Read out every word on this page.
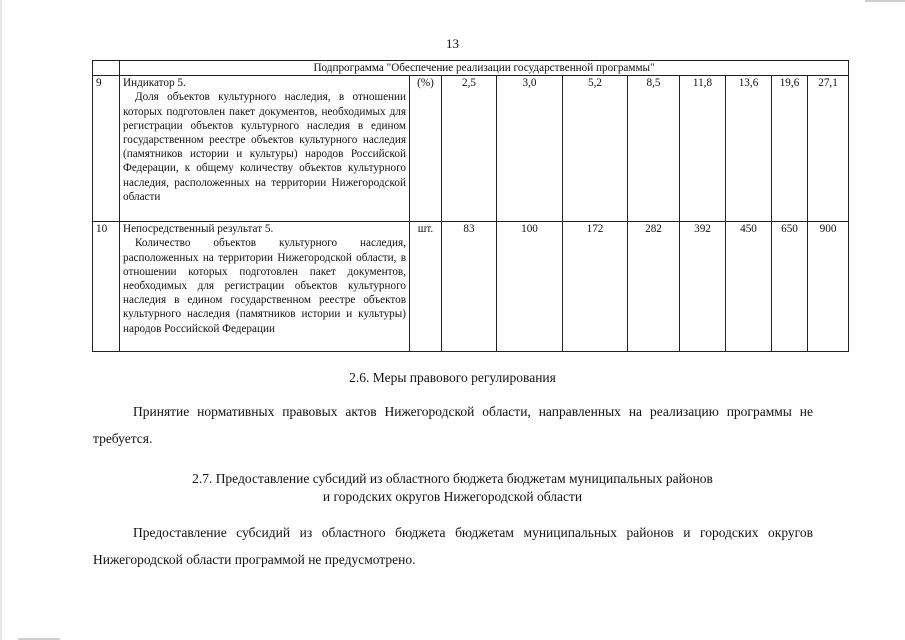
13
	Подпрограмма "Обеспечение реализации государственной программы"									
9	Индикатор 5.
Доля объектов культурного наследия, в отношении которых подготовлен пакет документов, необходимых для регистрации объектов культурного наследия в едином государственном реестре объектов культурного наследия (памятников истории и культуры) народов Российской Федерации, к общему количеству объектов культурного наследия, расположенных на территории Нижегородской области	(%)	2,5	3,0	5,2	8,5	11,8	13,6	19,6	27,1
10	Непосредственный результат 5.
Количество объектов культурного наследия, расположенных на территории Нижегородской области, в отношении которых подготовлен пакет документов, необходимых для регистрации объектов культурного наследия в едином государственном реестре объектов культурного наследия (памятников истории и культуры) народов Российской Федерации	шт.	83	100	172	282	392	450	650	900
2.6. Меры правового регулирования
Принятие нормативных правовых актов Нижегородской области, направленных на реализацию программы не требуется.
2.7. Предоставление субсидий из областного бюджета бюджетам муниципальных районов
и городских округов Нижегородской области
Предоставление субсидий из областного бюджета бюджетам муниципальных районов и городских округов Нижегородской области программой не предусмотрено.
